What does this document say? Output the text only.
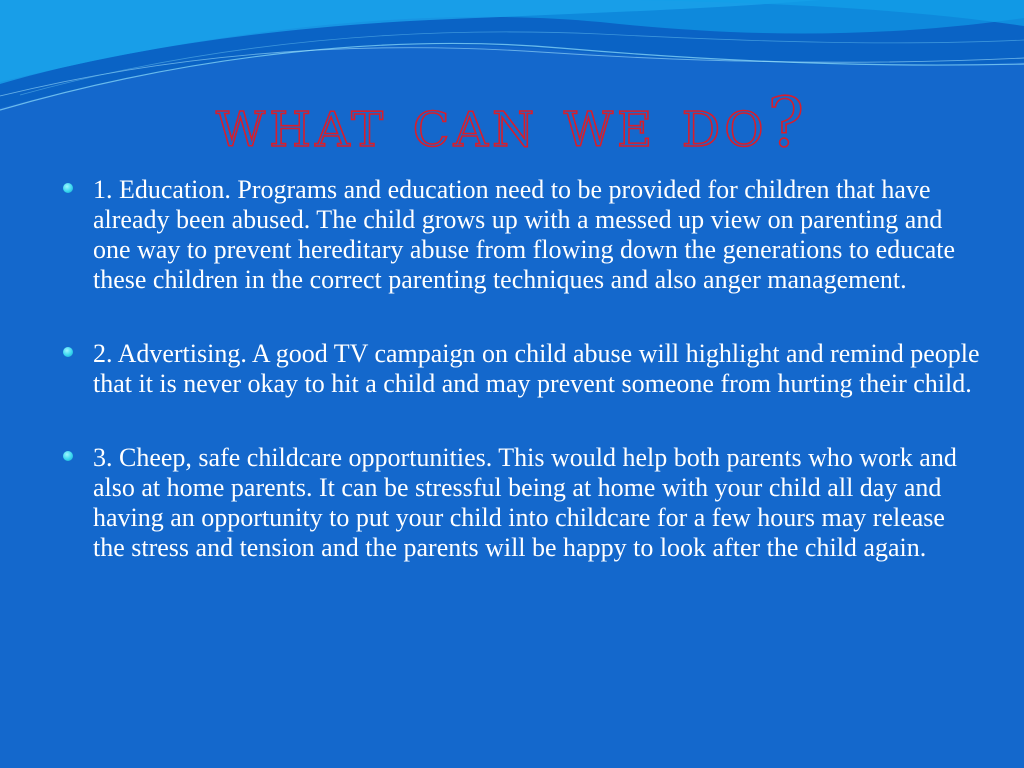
what can we do?
1. Education. Programs and education need to be provided for children that have already been abused. The child grows up with a messed up view on parenting and one way to prevent hereditary abuse from flowing down the generations to educate these children in the correct parenting techniques and also anger management.
2. Advertising. A good TV campaign on child abuse will highlight and remind people that it is never okay to hit a child and may prevent someone from hurting their child.
3. Cheep, safe childcare opportunities. This would help both parents who work and also at home parents. It can be stressful being at home with your child all day and having an opportunity to put your child into childcare for a few hours may release the stress and tension and the parents will be happy to look after the child again.
